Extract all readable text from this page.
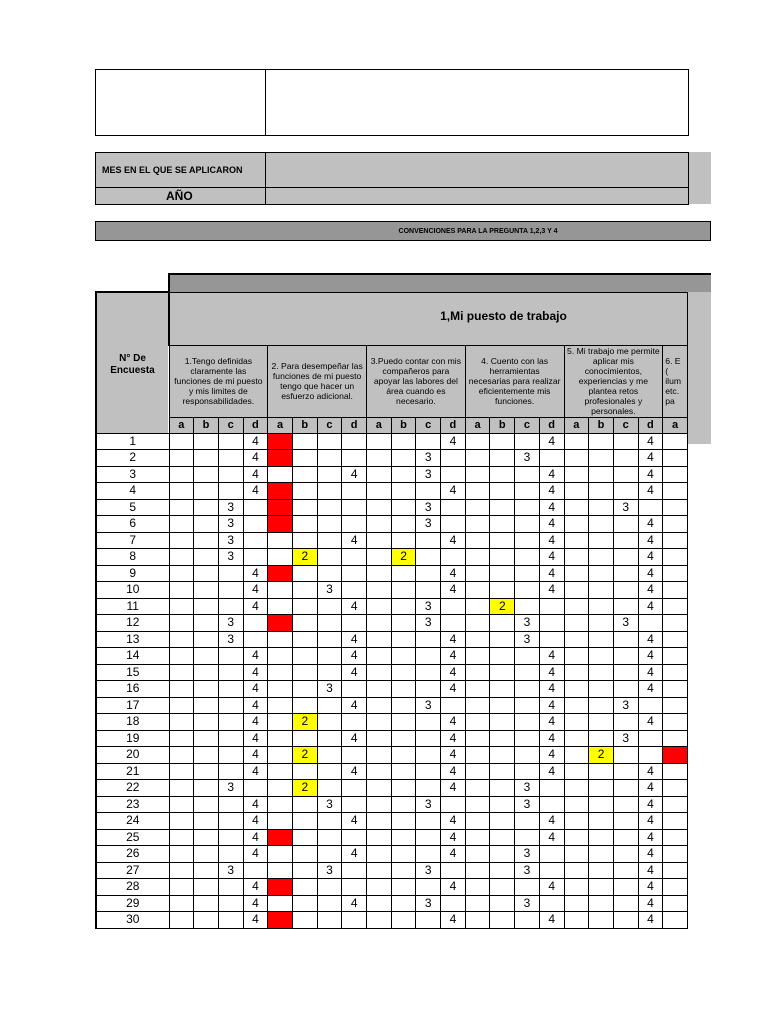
MES EN EL QUE SE APLICARON
AÑO
CONVENCIONES PARA LA PREGUNTA 1,2,3 Y 4
N° De Encuesta	1,Mi puesto de trabajo																				
	1.Tengo definidas claramente las funciones de mi puesto y mis limites de responsabilidades.				2. Para desempeñar las funciones de mi puesto tengo que hacer un esfuerzo adicional.				3.Puedo contar con mis compañeros para apoyar las labores del área cuando es necesario.				4. Cuento con las herramientas necesarias para realizar eficientemente mis funciones.				5. Mi trabajo me permite aplicar mis conocimientos, experiencias y me plantea retos profesionales y personales.				6. E
(
ilum
etc.
pa
	a	b	c	d	a	b	c	d	a	b	c	d	a	b	c	d	a	b	c	d	a
1				4	1							4				4				4	
2				4	1						3				3					4	
3				4				4			3					4				4	
4				4	1							4				4				4	
5			3		1						3					4			3		
6			3		1						3					4				4	
7			3					4				4				4				4	
8			3			2				2						4				4	
9				4	1							4				4				4	
10				4			3					4				4				4	
11				4				4			3			2						4	
12			3		1						3				3				3		
13			3					4				4			3					4	
14				4				4				4				4				4	
15				4				4				4				4				4	
16				4			3					4				4				4	
17				4				4			3					4			3		
18				4		2						4				4				4	
19				4				4				4				4			3		
20				4		2						4				4		2			1
21				4				4				4				4				4	
22			3			2						4			3					4	
23				4			3				3				3					4	
24				4				4				4				4				4	
25				4	1							4				4				4	
26				4				4				4			3					4	
27			3				3				3				3					4	
28				4	1							4				4				4	
29				4				4			3				3					4	
30				4	1							4				4				4	
